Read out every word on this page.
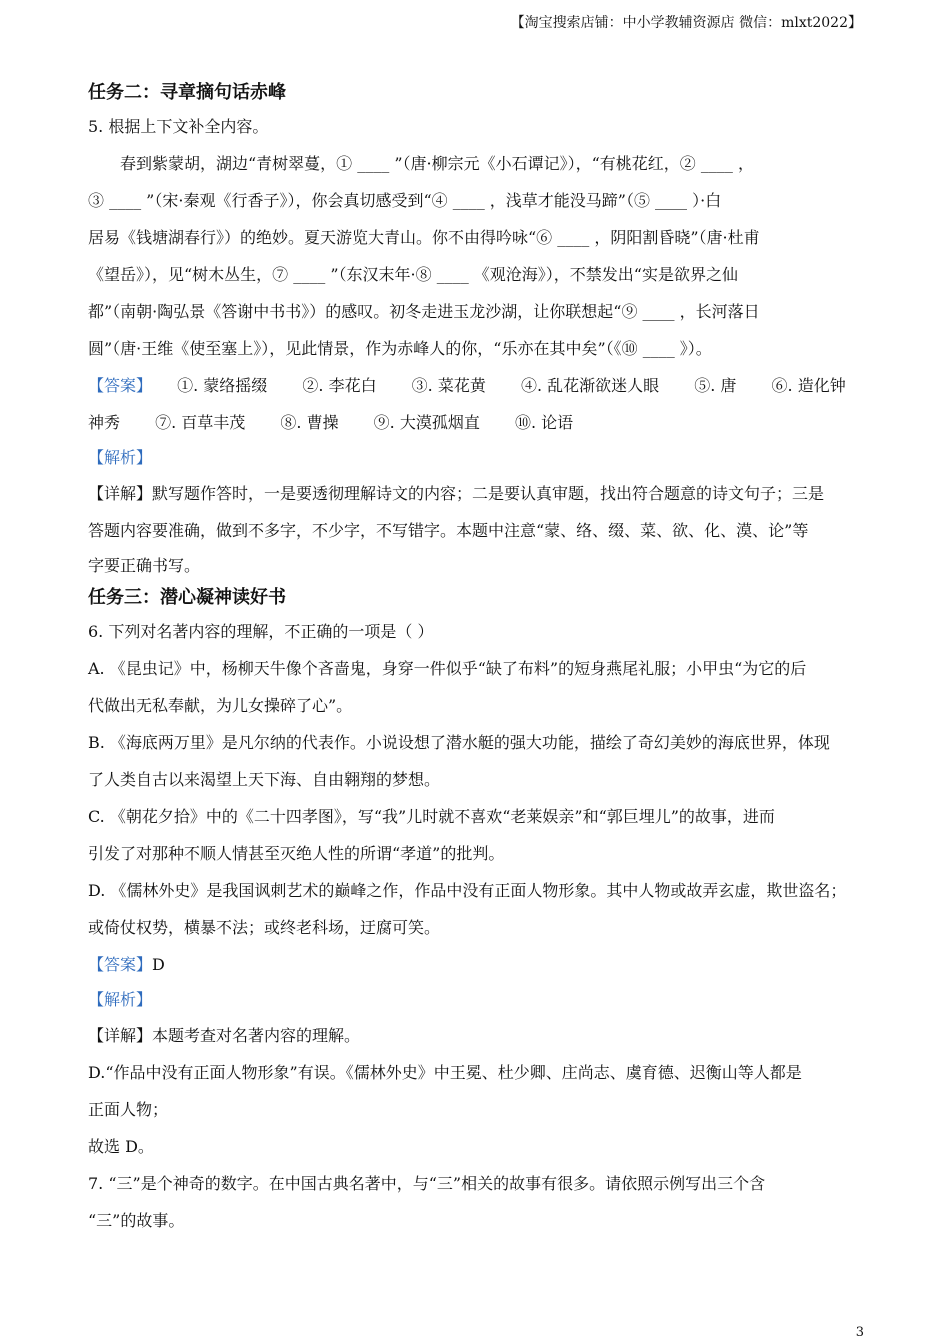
【淘宝搜索店铺：中小学教辅资源店 微信：mlxt2022】

任务二：寻章摘句话赤峰

5. 根据上下文补全内容。

春到紫蒙胡，湖边“青树翠蔓，① ____ ”（唐·柳宗元《小石谭记》），“有桃花红，② ____ ，

③ ____ ”（宋·秦观《行香子》），你会真切感受到“④ ____ ，浅草才能没马蹄”（⑤ ____ ）·白

居易《钱塘湖春行》）的绝妙。夏天游览大青山。你不由得吟咏“⑥ ____ ，阴阳割昏晓”（唐·杜甫

《望岳》），见“树木丛生，⑦ ____ ”（东汉末年·⑧ ____ 《观沧海》），不禁发出“实是欲界之仙

都”（南朝·陶弘景《答谢中书书》）的感叹。初冬走进玉龙沙湖，让你联想起“⑨ ____ ，长河落日

圆”（唐·王维《使至塞上》），见此情景，作为赤峰人的你，“乐亦在其中矣”（《⑩ ____ 》）。

【答案】 ①. 蒙络摇缀 ②. 李花白 ③. 菜花黄 ④. 乱花渐欲迷人眼 ⑤. 唐 ⑥. 造化钟

神秀 ⑦. 百草丰茂 ⑧. 曹操 ⑨. 大漠孤烟直 ⑩. 论语

【解析】

【详解】默写题作答时，一是要透彻理解诗文的内容；二是要认真审题，找出符合题意的诗文句子；三是

答题内容要准确，做到不多字，不少字，不写错字。本题中注意“蒙、络、缀、菜、欲、化、漠、论”等

字要正确书写。

任务三：潜心凝神读好书

6. 下列对名著内容的理解，不正确的一项是（ ）

A. 《昆虫记》中，杨柳天牛像个吝啬鬼，身穿一件似乎“缺了布料”的短身燕尾礼服；小甲虫“为它的后

代做出无私奉献，为儿女操碎了心”。

B. 《海底两万里》是凡尔纳的代表作。小说设想了潜水艇的强大功能，描绘了奇幻美妙的海底世界，体现

了人类自古以来渴望上天下海、自由翱翔的梦想。

C. 《朝花夕拾》中的《二十四孝图》，写“我”儿时就不喜欢“老莱娱亲”和“郭巨埋儿”的故事，进而

引发了对那种不顺人情甚至灭绝人性的所谓“孝道”的批判。

D. 《儒林外史》是我国讽刺艺术的巅峰之作，作品中没有正面人物形象。其中人物或故弄玄虚，欺世盗名；

或倚仗权势，横暴不法；或终老科场，迂腐可笑。

【答案】D

【解析】

【详解】本题考查对名著内容的理解。

D.“作品中没有正面人物形象”有误。《儒林外史》中王冕、杜少卿、庄尚志、虞育德、迟衡山等人都是

正面人物；

故选 D。

7. “三”是个神奇的数字。在中国古典名著中，与“三”相关的故事有很多。请依照示例写出三个含

“三”的故事。

3
